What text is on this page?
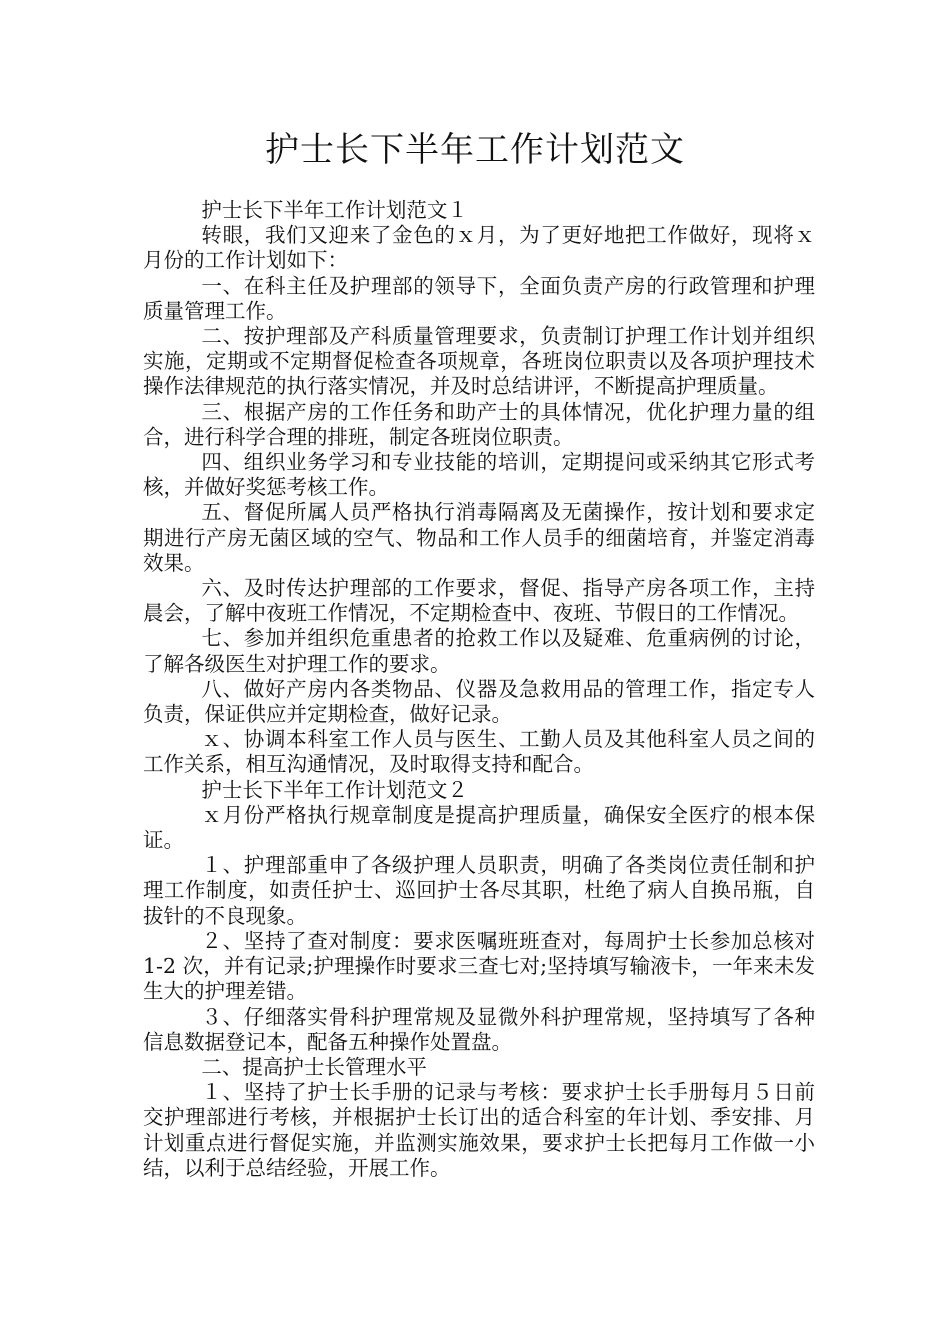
护士长下半年工作计划范文

护士长下半年工作计划范文１

转眼，我们又迎来了金色的ｘ月，为了更好地把工作做好，现将ｘ月份的工作计划如下：

一、在科主任及护理部的领导下，全面负责产房的行政管理和护理质量管理工作。

二、按护理部及产科质量管理要求，负责制订护理工作计划并组织实施，定期或不定期督促检查各项规章，各班岗位职责以及各项护理技术操作法律规范的执行落实情况，并及时总结讲评，不断提高护理质量。

三、根据产房的工作任务和助产士的具体情况，优化护理力量的组合，进行科学合理的排班，制定各班岗位职责。

四、组织业务学习和专业技能的培训，定期提问或采纳其它形式考核，并做好奖惩考核工作。

五、督促所属人员严格执行消毒隔离及无菌操作，按计划和要求定期进行产房无菌区域的空气、物品和工作人员手的细菌培育，并鉴定消毒效果。

六、及时传达护理部的工作要求，督促、指导产房各项工作，主持晨会，了解中夜班工作情况，不定期检查中、夜班、节假日的工作情况。

七、参加并组织危重患者的抢救工作以及疑难、危重病例的讨论，了解各级医生对护理工作的要求。

八、做好产房内各类物品、仪器及急救用品的管理工作，指定专人负责，保证供应并定期检查，做好记录。

ｘ、协调本科室工作人员与医生、工勤人员及其他科室人员之间的工作关系，相互沟通情况，及时取得支持和配合。

护士长下半年工作计划范文２

ｘ月份严格执行规章制度是提高护理质量，确保安全医疗的根本保证。

１、护理部重申了各级护理人员职责，明确了各类岗位责任制和护理工作制度，如责任护士、巡回护士各尽其职，杜绝了病人自换吊瓶，自拔针的不良现象。

２、坚持了查对制度：要求医嘱班班查对，每周护士长参加总核对 1-2 次，并有记录;护理操作时要求三查七对;坚持填写输液卡，一年来未发生大的护理差错。

３、仔细落实骨科护理常规及显微外科护理常规，坚持填写了各种信息数据登记本，配备五种操作处置盘。

二、提高护士长管理水平

１、坚持了护士长手册的记录与考核：要求护士长手册每月５日前交护理部进行考核，并根据护士长订出的适合科室的年计划、季安排、月计划重点进行督促实施，并监测实施效果，要求护士长把每月工作做一小结，以利于总结经验，开展工作。
